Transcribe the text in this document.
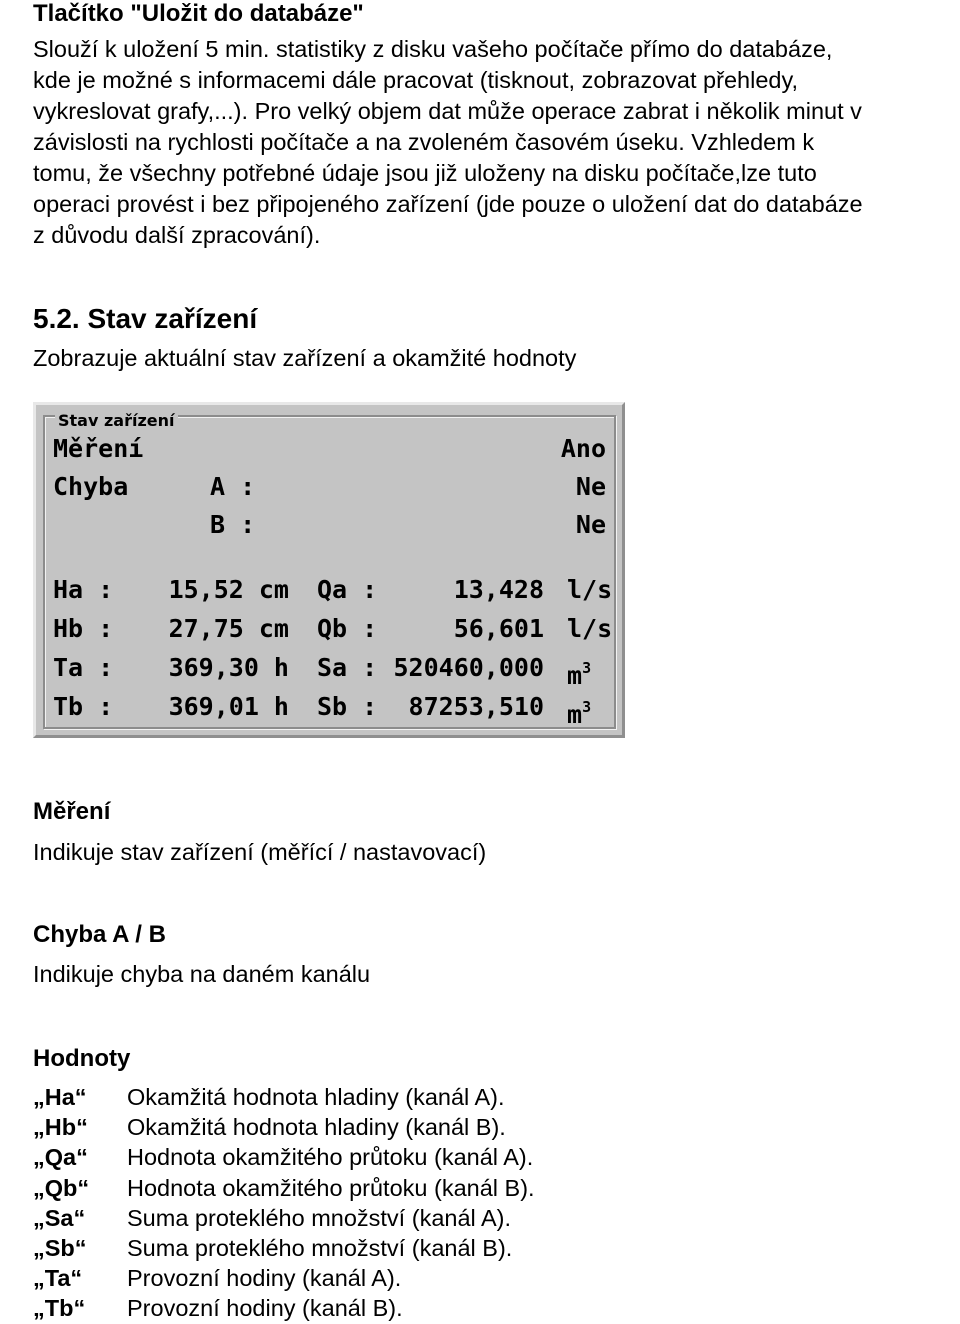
Tlačítko "Uložit do databáze"
Slouží k uložení 5 min. statistiky z disku vašeho počítače přímo do databáze,
kde je možné s informacemi dále pracovat (tisknout, zobrazovat přehledy,
vykreslovat grafy,...). Pro velký objem dat může operace zabrat i několik minut v
závislosti na rychlosti počítače a na zvoleném časovém úseku. Vzhledem k
tomu, že všechny potřebné údaje jsou již uloženy na disku počítače,lze tuto
operaci provést i bez připojeného zařízení (jde pouze o uložení dat do databáze
z důvodu další zpracování).
5.2. Stav zařízení
Zobrazuje aktuální stav zařízení a okamžité hodnoty
Stav zařízení
Měření	Ano
Chyba	A :	Ne
B :	Ne
Ha : 15,52 cm Qa :	13,428 l/s
Hb : 27,75 cm Qb :	56,601 l/s
Ta : 369,30 h Sa : 520460,000 $m^3$
Tb : 369,01 h Sb : 87253,510 $m^3$
Měření
Indikuje stav zařízení (měřící / nastavovací)
Chyba A / B
Indikuje chyba na daném kanálu
Hodnoty
„Ha“ Okamžitá hodnota hladiny (kanál A).
„Hb“ Okamžitá hodnota hladiny (kanál B).
„Qa“ Hodnota okamžitého průtoku (kanál A).
„Qb“ Hodnota okamžitého průtoku (kanál B).
„Sa“ Suma proteklého množství (kanál A).
„Sb“ Suma proteklého množství (kanál B).
„Ta“ Provozní hodiny (kanál A).
„Tb“ Provozní hodiny (kanál B).
